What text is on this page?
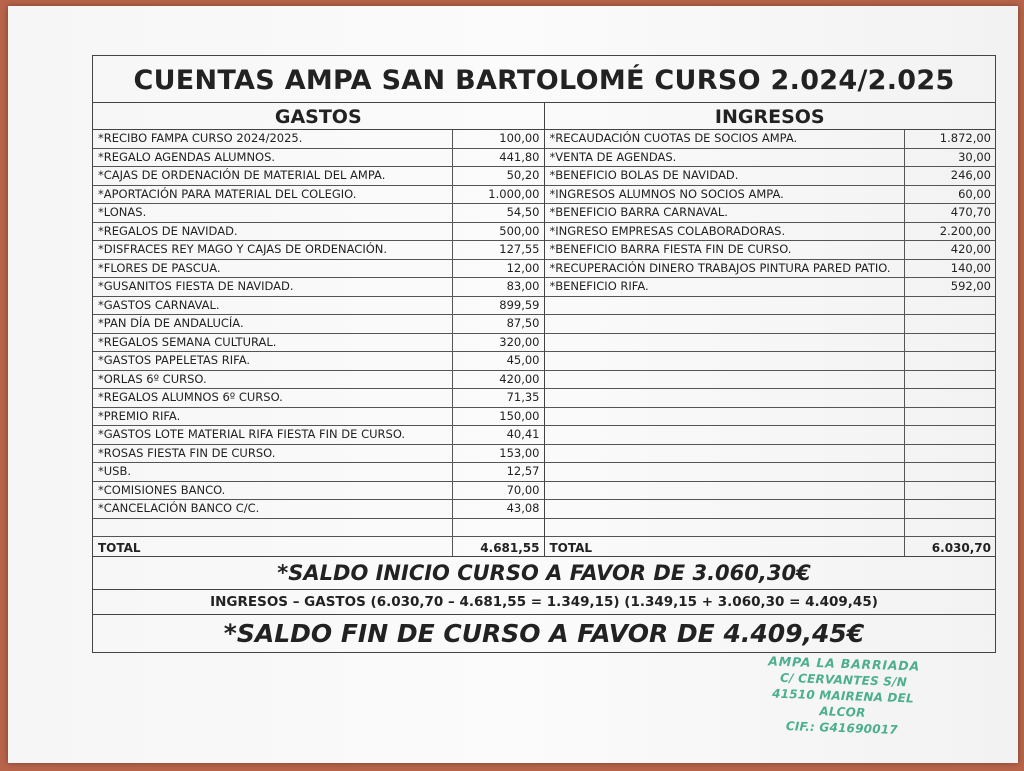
CUENTAS AMPA SAN BARTOLOMÉ CURSO 2.024/2.025
GASTOS
*RECIBO FAMPA CURSO 2024/2025.	100,00
*REGALO AGENDAS ALUMNOS.	441,80
*CAJAS DE ORDENACIÓN DE MATERIAL DEL AMPA.	50,20
*APORTACIÓN PARA MATERIAL DEL COLEGIO.	1.000,00
*LONAS.	54,50
*REGALOS DE NAVIDAD.	500,00
*DISFRACES REY MAGO Y CAJAS DE ORDENACIÓN.	127,55
*FLORES DE PASCUA.	12,00
*GUSANITOS FIESTA DE NAVIDAD.	83,00
*GASTOS CARNAVAL.	899,59
*PAN DÍA DE ANDALUCÍA.	87,50
*REGALOS SEMANA CULTURAL.	320,00
*GASTOS PAPELETAS RIFA.	45,00
*ORLAS 6º CURSO.	420,00
*REGALOS ALUMNOS 6º CURSO.	71,35
*PREMIO RIFA.	150,00
*GASTOS LOTE MATERIAL RIFA FIESTA FIN DE CURSO.	40,41
*ROSAS FIESTA FIN DE CURSO.	153,00
*USB.	12,57
*COMISIONES BANCO.	70,00
*CANCELACIÓN BANCO C/C.	43,08
TOTAL	4.681,55
INGRESOS
*RECAUDACIÓN CUOTAS DE SOCIOS AMPA.	1.872,00
*VENTA DE AGENDAS.	30,00
*BENEFICIO BOLAS DE NAVIDAD.	246,00
*INGRESOS ALUMNOS NO SOCIOS AMPA.	60,00
*BENEFICIO BARRA CARNAVAL.	470,70
*INGRESO EMPRESAS COLABORADORAS.	2.200,00
*BENEFICIO BARRA FIESTA FIN DE CURSO.	420,00
*RECUPERACIÓN DINERO TRABAJOS PINTURA PARED PATIO.	140,00
*BENEFICIO RIFA.	592,00
TOTAL	6.030,70
*SALDO INICIO CURSO A FAVOR DE 3.060,30€
INGRESOS – GASTOS (6.030,70 – 4.681,55 = 1.349,15) (1.349,15 + 3.060,30 = 4.409,45)
*SALDO FIN DE CURSO A FAVOR DE 4.409,45€
AMPA LA BARRIADA
C/ CERVANTES S/N
41510 MAIRENA DEL ALCOR
CIF.: G41690017
